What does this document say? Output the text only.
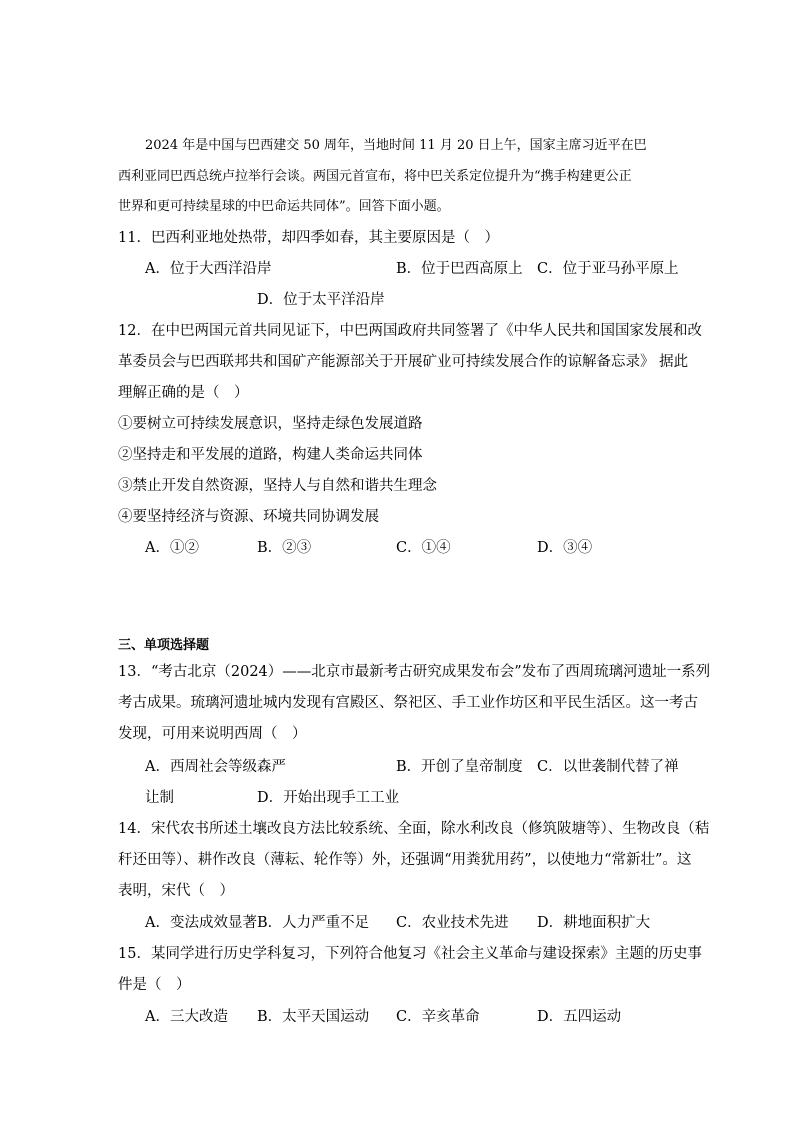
2024 年是中国与巴西建交 50 周年，当地时间 11 月 20 日上午，国家主席习近平在巴
西利亚同巴西总统卢拉举行会谈。两国元首宣布，将中巴关系定位提升为“携手构建更公正
世界和更可持续星球的中巴命运共同体”。回答下面小题。
11．巴西利亚地处热带，却四季如春，其主要原因是（　）
A．位于大西洋沿岸	B．位于巴西高原上 C．位于亚马孙平原上
D．位于太平洋沿岸
12．在中巴两国元首共同见证下，中巴两国政府共同签署了《中华人民共和国国家发展和改
革委员会与巴西联邦共和国矿产能源部关于开展矿业可持续发展合作的谅解备忘录》 据此
理解正确的是（　）
①要树立可持续发展意识，坚持走绿色发展道路
②坚持走和平发展的道路，构建人类命运共同体
③禁止开发自然资源，坚持人与自然和谐共生理念
④要坚持经济与资源、环境共同协调发展
A．①②	B．②③	C．①④	D．③④
三、单项选择题
13．“考古北京（2024）——北京市最新考古研究成果发布会”发布了西周琉璃河遗址一系列
考古成果。琉璃河遗址城内发现有宫殿区、祭祀区、手工业作坊区和平民生活区。这一考古
发现，可用来说明西周（　）
A．西周社会等级森严	B．开创了皇帝制度 C．以世袭制代替了禅
让制	D．开始出现手工工业
14．宋代农书所述土壤改良方法比较系统、全面，除水利改良（修筑陂塘等）、生物改良（秸
秆还田等）、耕作改良（薄耘、轮作等）外，还强调“用粪犹用药”，以使地力“常新壮”。这
表明，宋代（　）
A．变法成效显著 B．人力严重不足 C．农业技术先进 D．耕地面积扩大
15．某同学进行历史学科复习，下列符合他复习《社会主义革命与建设探索》主题的历史事
件是（　）
A．三大改造 B．太平天国运动 C．辛亥革命	D．五四运动
